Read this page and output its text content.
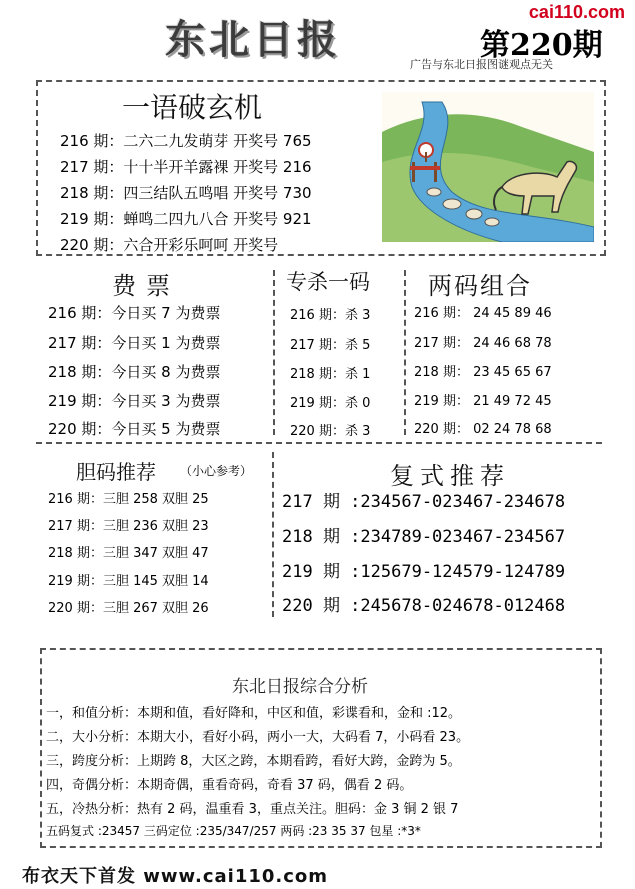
cai110.com
东北日报	第220期
广告与东北日报图谜观点无关
一语破玄机
216 期：二六二九发萌芽 开奖号 765
217 期：十十半开羊露裸 开奖号 216
218 期：四三结队五鸣唱 开奖号 730
219 期：蝉鸣二四九八合 开奖号 921
220 期：六合开彩乐呵呵 开奖号
费票
216 期：今日买 7 为费票
217 期：今日买 1 为费票
218 期：今日买 8 为费票
219 期：今日买 3 为费票
220 期：今日买 5 为费票
专杀一码
216 期：杀 3
217 期：杀 5
218 期：杀 1
219 期：杀 0
220 期：杀 3
两码组合
216 期： 24 45 89 46
217 期： 24 46 68 78
218 期： 23 45 65 67
219 期： 21 49 72 45
220 期： 02 24 78 68
胆码推荐 （小心参考）
216 期：三胆 258 双胆 25
217 期：三胆 236 双胆 23
218 期：三胆 347 双胆 47
219 期：三胆 145 双胆 14
220 期：三胆 267 双胆 26
复式推荐
217 期 :234567-023467-234678
218 期 :234789-023467-234567
219 期 :125679-124579-124789
220 期 :245678-024678-012468
东北日报综合分析
一，和值分析：本期和值，看好降和，中区和值，彩谍看和，金和 :12。
二，大小分析：本期大小，看好小码，两小一大，大码看 7，小码看 23。
三，跨度分析：上期跨 8，大区之跨，本期看跨，看好大跨，金跨为 5。
四，奇偶分析：本期奇偶，重看奇码，奇看 37 码，偶看 2 码。
五，冷热分析：热有 2 码，温重看 3，重点关注。胆码：金 3 铜 2 银 7
五码复式 :23457 三码定位 :235/347/257 两码 :23 35 37 包星 :*3*
布衣天下首发 www.cai110.com
